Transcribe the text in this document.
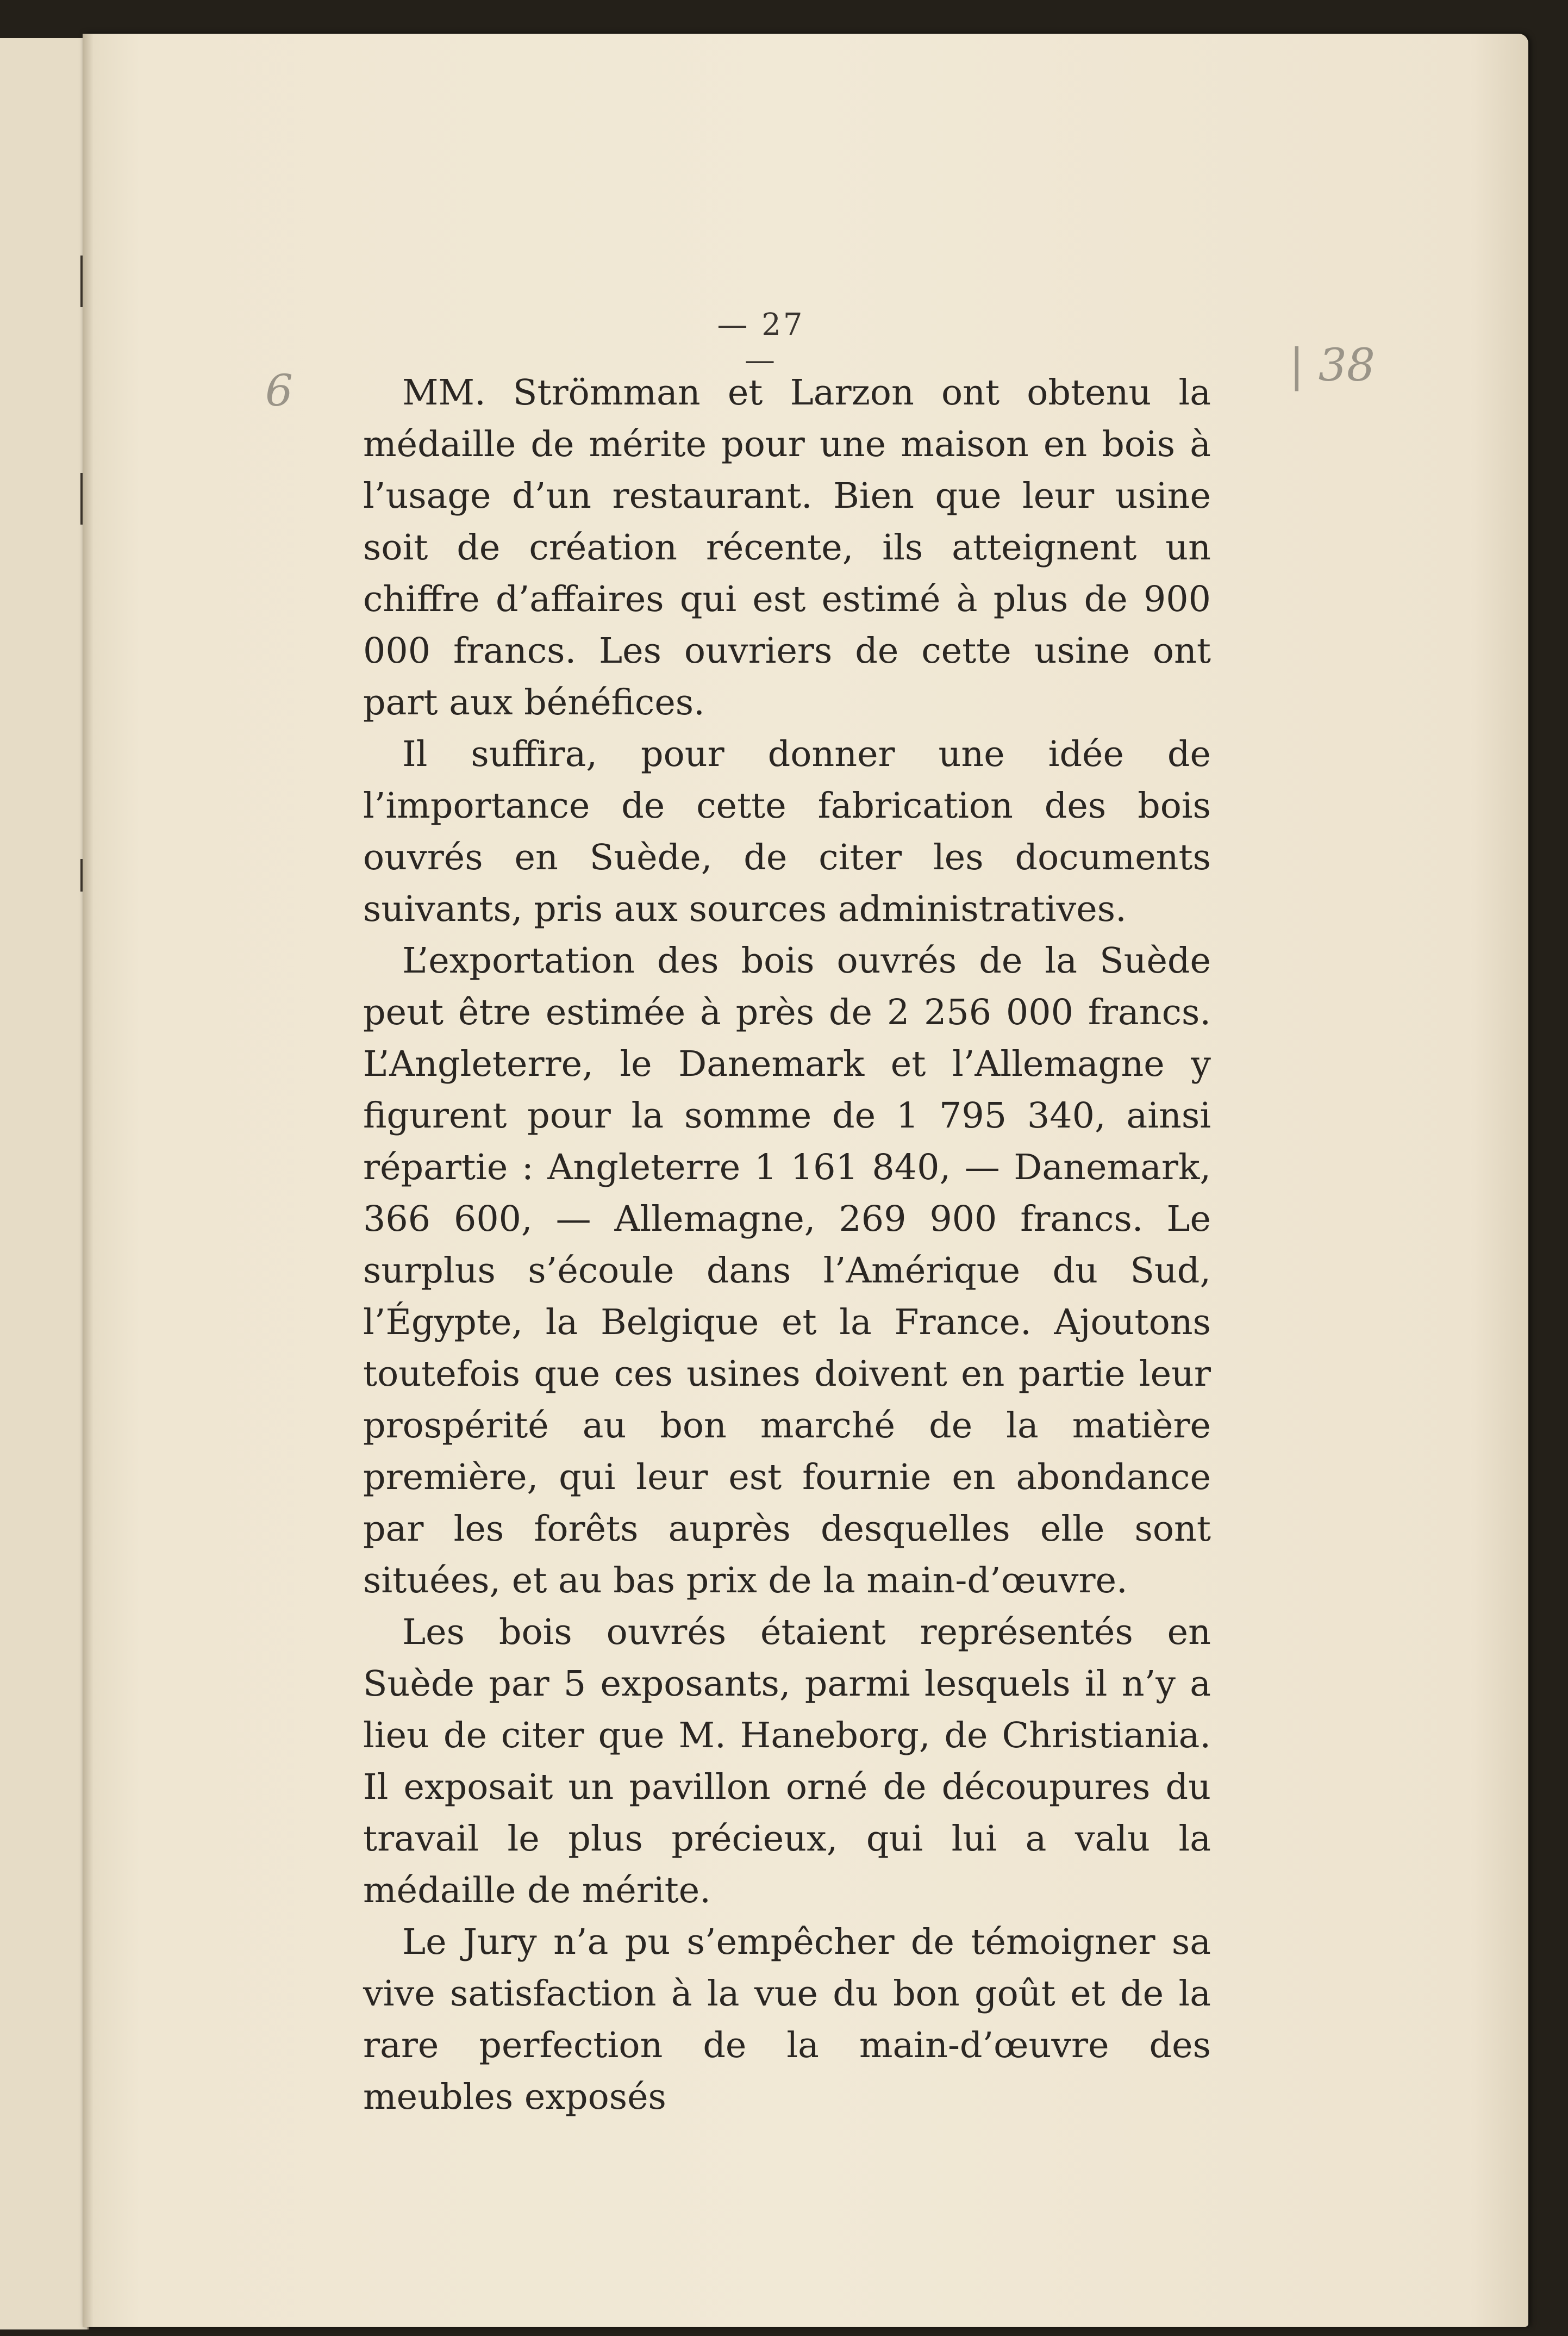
6	| 38
— 27 —

MM. Strömman et Larzon ont obtenu la médaille de mérite pour une maison en bois à l’usage d’un restaurant. Bien que leur usine soit de création récente, ils atteignent un chiffre d’affaires qui est estimé à plus de 900 000 francs. Les ouvriers de cette usine ont part aux bénéfices.

Il suffira, pour donner une idée de l’importance de cette fabrication des bois ouvrés en Suède, de citer les documents suivants, pris aux sources administratives.

L’exportation des bois ouvrés de la Suède peut être estimée à près de 2 256 000 francs. L’Angleterre, le Danemark et l’Allemagne y figurent pour la somme de 1 795 340, ainsi répartie : Angleterre 1 161 840, — Danemark, 366 600, — Allemagne, 269 900 francs. Le surplus s’écoule dans l’Amérique du Sud, l’Égypte, la Belgique et la France. Ajoutons toutefois que ces usines doivent en partie leur prospérité au bon marché de la matière première, qui leur est fournie en abondance par les forêts auprès desquelles elle sont situées, et au bas prix de la main-d’œuvre.

Les bois ouvrés étaient représentés en Suède par 5 exposants, parmi lesquels il n’y a lieu de citer que M. Haneborg, de Christiania. Il exposait un pavillon orné de découpures du travail le plus précieux, qui lui a valu la médaille de mérite.

Le Jury n’a pu s’empêcher de témoigner sa vive satisfaction à la vue du bon goût et de la rare perfection de la main-d’œuvre des meubles exposés
